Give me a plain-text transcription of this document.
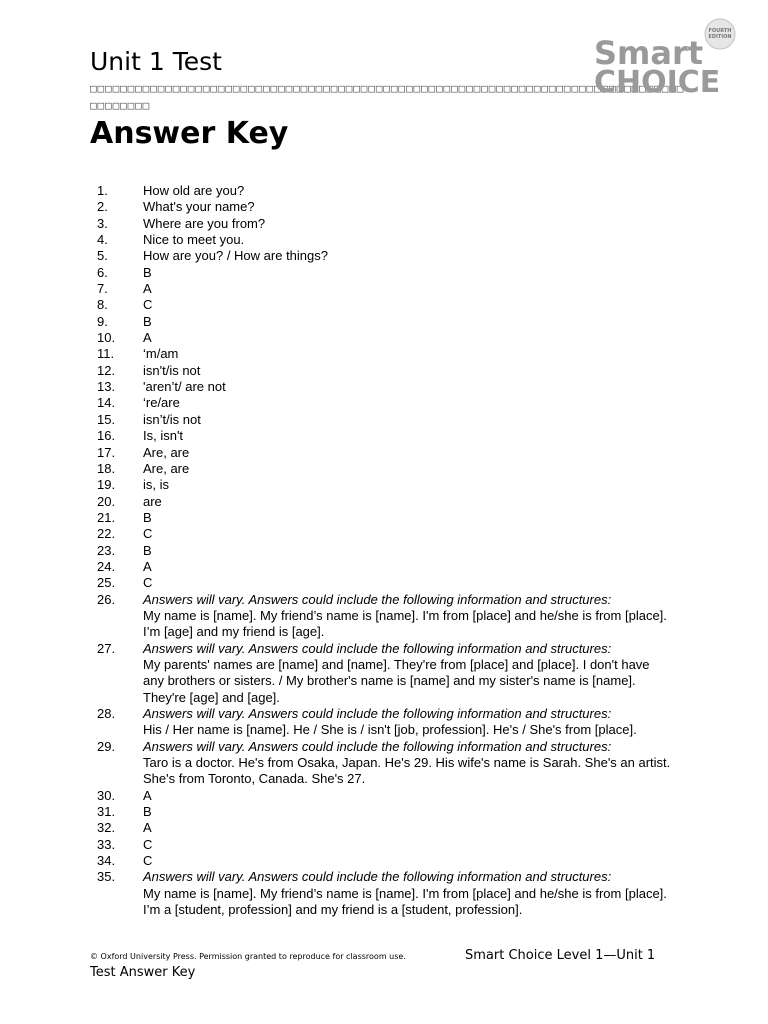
Unit 1 Test
□□□□□□□□□□□□□□□□□□□□□□□□□□□□□□□□□□□□□□□□□□□□□□□□□□□□□□□□□□□□□□□□□□□□□□□□□□□□□□□□□□□□□□□
Answer Key
FOURTH
EDITION
Smart
CHOICE
1.	How old are you?
2.	What's your name?
3.	Where are you from?
4.	Nice to meet you.
5.	How are you? / How are things?
6.	B
7.	A
8.	C
9.	B
10. A
11. ‘m/am
12. isn't/is not
13. 'aren’t/ are not
14. ‘re/are
15. isn’t/is not
16. Is, isn't
17. Are, are
18. Are, are
19. is, is
20. are
21. B
22. C
23. B
24. A
25. C
26. Answers will vary. Answers could include the following information and structures:
My name is [name]. My friend’s name is [name]. I'm from [place] and he/she is from [place]. I’m [age] and my friend is [age].
27. Answers will vary. Answers could include the following information and structures:
My parents' names are [name] and [name]. They're from [place] and [place]. I don't have any brothers or sisters. / My brother's name is [name] and my sister's name is [name]. They're [age] and [age].
28. Answers will vary. Answers could include the following information and structures:
His / Her name is [name]. He / She is / isn't [job, profession]. He's / She's from [place].
29. Answers will vary. Answers could include the following information and structures:
Taro is a doctor. He's from Osaka, Japan. He's 29. His wife's name is Sarah. She's an artist. She's from Toronto, Canada. She's 27.
30. A
31. B
32. A
33. C
34. C
35. Answers will vary. Answers could include the following information and structures:
My name is [name]. My friend’s name is [name]. I'm from [place] and he/she is from [place]. I’m a [student, profession] and my friend is a [student, profession].
© Oxford University Press. Permission granted to reproduce for classroom use.	Smart Choice Level 1—Unit 1
Test Answer Key
